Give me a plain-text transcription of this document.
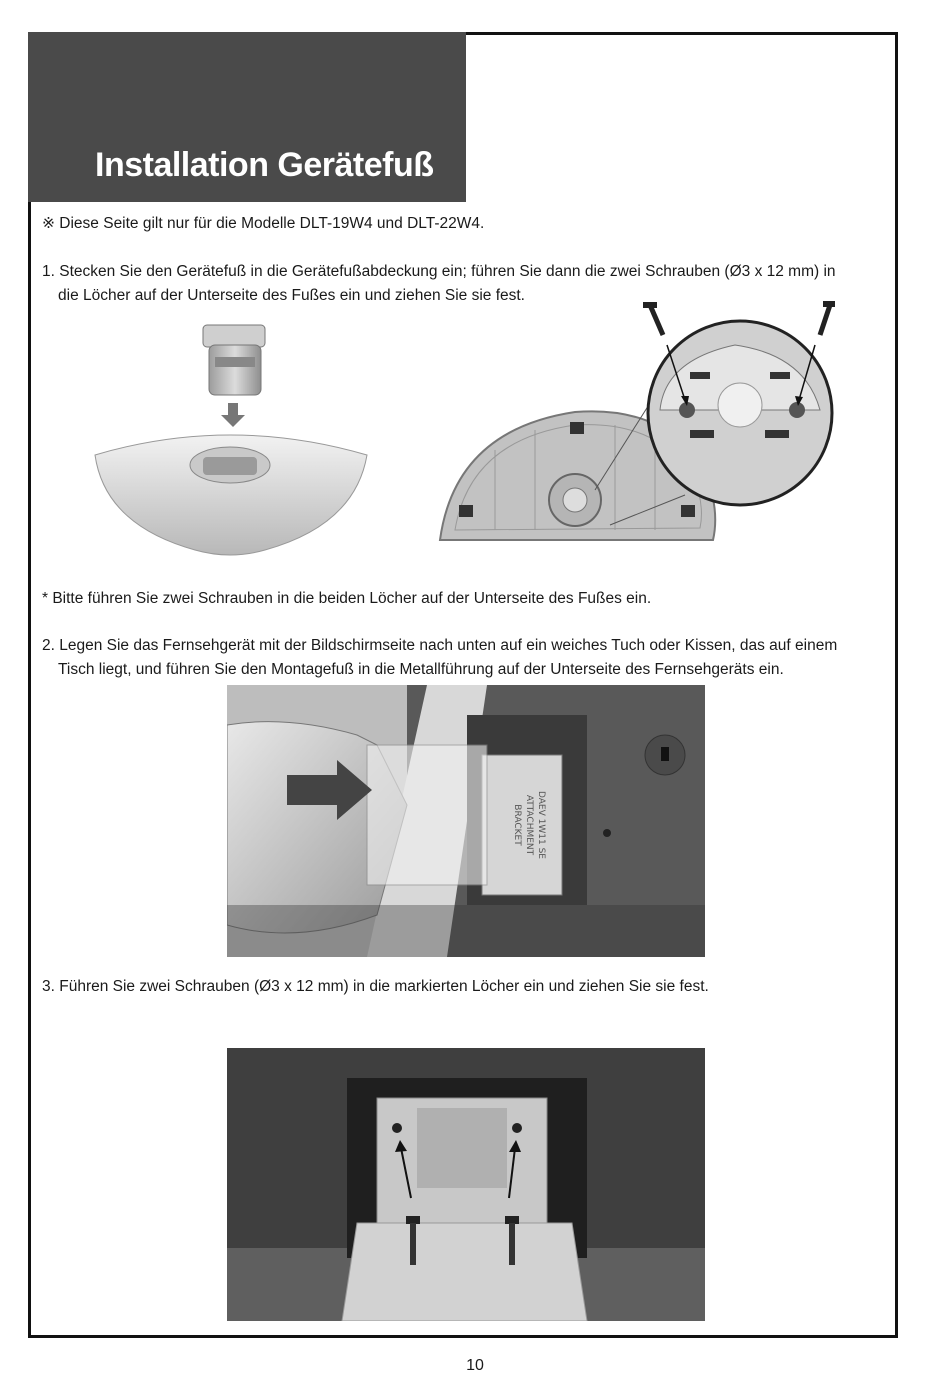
Installation Gerätefuß
※ Diese Seite gilt nur für die Modelle DLT-19W4 und DLT-22W4.
1. Stecken Sie den Gerätefuß in die Gerätefußabdeckung ein; führen Sie dann die zwei Schrauben (Ø3 x 12 mm) in
die Löcher auf der Unterseite des Fußes ein und ziehen Sie sie fest.
* Bitte führen Sie zwei Schrauben in die beiden Löcher auf der Unterseite des Fußes ein.
2. Legen Sie das Fernsehgerät mit der Bildschirmseite nach unten auf ein weiches Tuch oder Kissen, das auf einem
Tisch liegt, und führen Sie den Montagefuß in die Metallführung auf der Unterseite des Fernsehgeräts ein.
DAEV 1W11 SEATTACHMENTBRACKET
3. Führen Sie zwei Schrauben (Ø3 x 12 mm) in die markierten Löcher ein und ziehen Sie sie fest.
10
